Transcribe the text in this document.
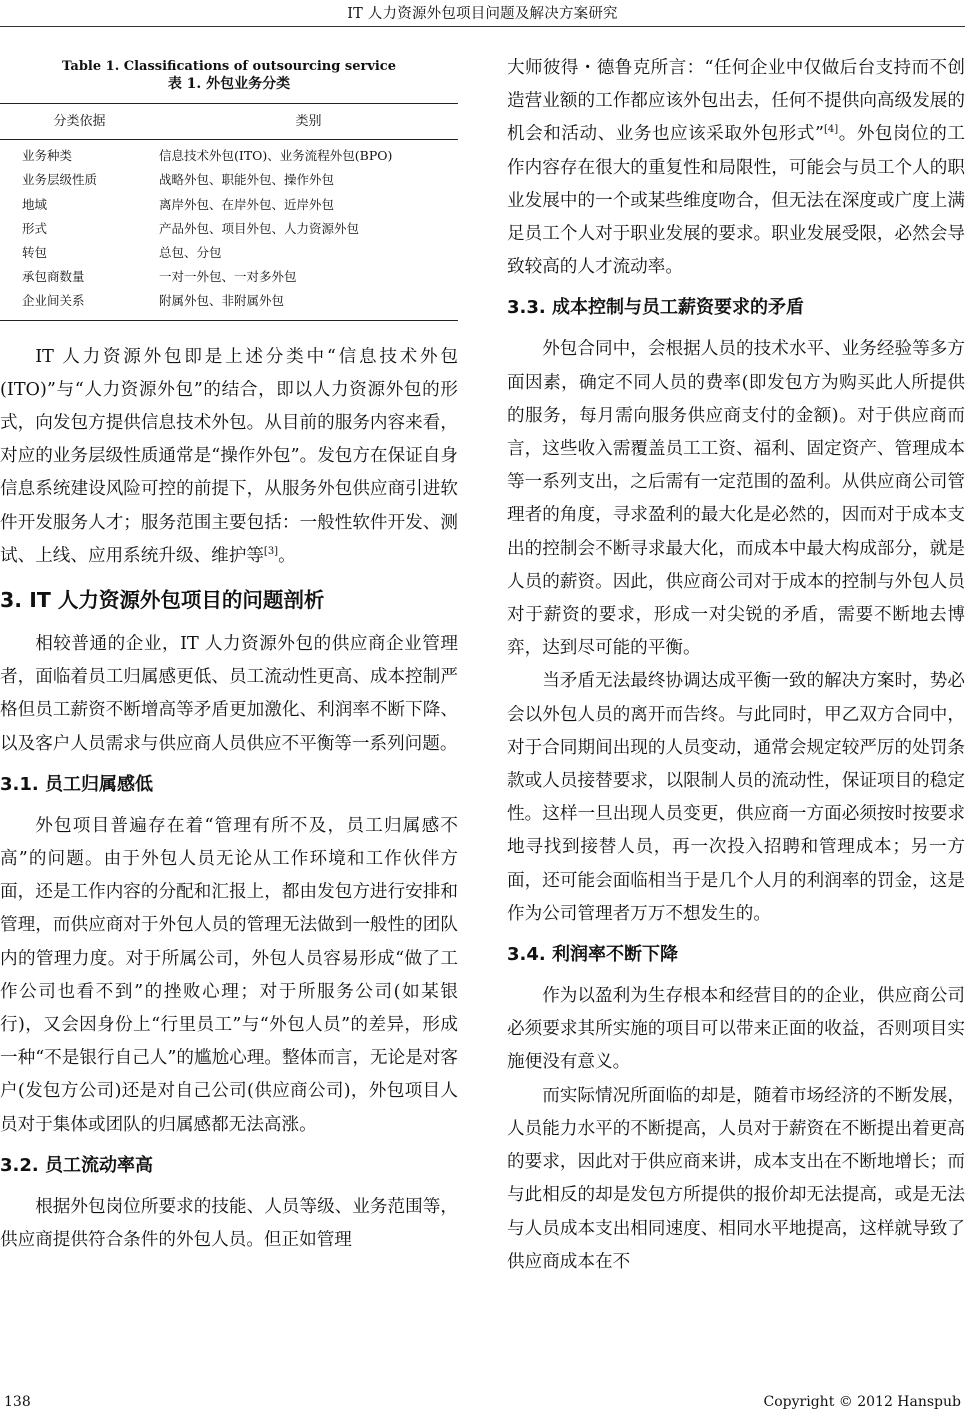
IT 人力资源外包项目问题及解决方案研究
Table 1. Classifications of outsourcing service
表 1. 外包业务分类
分类依据	类别
业务种类	信息技术外包(ITO)、业务流程外包(BPO)
业务层级性质	战略外包、职能外包、操作外包
地域	离岸外包、在岸外包、近岸外包
形式	产品外包、项目外包、人力资源外包
转包	总包、分包
承包商数量	一对一外包、一对多外包
企业间关系	附属外包、非附属外包

IT 人力资源外包即是上述分类中“信息技术外包(ITO)”与“人力资源外包”的结合，即以人力资源外包的形式，向发包方提供信息技术外包。从目前的服务内容来看，对应的业务层级性质通常是“操作外包”。发包方在保证自身信息系统建设风险可控的前提下，从服务外包供应商引进软件开发服务人才；服务范围主要包括：一般性软件开发、测试、上线、应用系统升级、维护等[3]。

3. IT 人力资源外包项目的问题剖析

相较普通的企业，IT 人力资源外包的供应商企业管理者，面临着员工归属感更低、员工流动性更高、成本控制严格但员工薪资不断增高等矛盾更加激化、利润率不断下降、以及客户人员需求与供应商人员供应不平衡等一系列问题。

3.1. 员工归属感低

外包项目普遍存在着“管理有所不及，员工归属感不高”的问题。由于外包人员无论从工作环境和工作伙伴方面，还是工作内容的分配和汇报上，都由发包方进行安排和管理，而供应商对于外包人员的管理无法做到一般性的团队内的管理力度。对于所属公司，外包人员容易形成“做了工作公司也看不到”的挫败心理；对于所服务公司(如某银行)，又会因身份上“行里员工”与“外包人员”的差异，形成一种“不是银行自己人”的尴尬心理。整体而言，无论是对客户(发包方公司)还是对自己公司(供应商公司)，外包项目人员对于集体或团队的归属感都无法高涨。

3.2. 员工流动率高

根据外包岗位所要求的技能、人员等级、业务范围等，供应商提供符合条件的外包人员。但正如管理

大师彼得・德鲁克所言：“任何企业中仅做后台支持而不创造营业额的工作都应该外包出去，任何不提供向高级发展的机会和活动、业务也应该采取外包形式”[4]。外包岗位的工作内容存在很大的重复性和局限性，可能会与员工个人的职业发展中的一个或某些维度吻合，但无法在深度或广度上满足员工个人对于职业发展的要求。职业发展受限，必然会导致较高的人才流动率。

3.3. 成本控制与员工薪资要求的矛盾

外包合同中，会根据人员的技术水平、业务经验等多方面因素，确定不同人员的费率(即发包方为购买此人所提供的服务，每月需向服务供应商支付的金额)。对于供应商而言，这些收入需覆盖员工工资、福利、固定资产、管理成本等一系列支出，之后需有一定范围的盈利。从供应商公司管理者的角度，寻求盈利的最大化是必然的，因而对于成本支出的控制会不断寻求最大化，而成本中最大构成部分，就是人员的薪资。因此，供应商公司对于成本的控制与外包人员对于薪资的要求，形成一对尖锐的矛盾，需要不断地去博弈，达到尽可能的平衡。

当矛盾无法最终协调达成平衡一致的解决方案时，势必会以外包人员的离开而告终。与此同时，甲乙双方合同中，对于合同期间出现的人员变动，通常会规定较严厉的处罚条款或人员接替要求，以限制人员的流动性，保证项目的稳定性。这样一旦出现人员变更，供应商一方面必须按时按要求地寻找到接替人员，再一次投入招聘和管理成本；另一方面，还可能会面临相当于是几个人月的利润率的罚金，这是作为公司管理者万万不想发生的。

3.4. 利润率不断下降

作为以盈利为生存根本和经营目的的企业，供应商公司必须要求其所实施的项目可以带来正面的收益，否则项目实施便没有意义。

而实际情况所面临的却是，随着市场经济的不断发展，人员能力水平的不断提高，人员对于薪资在不断提出着更高的要求，因此对于供应商来讲，成本支出在不断地增长；而与此相反的却是发包方所提供的报价却无法提高，或是无法与人员成本支出相同速度、相同水平地提高，这样就导致了供应商成本在不

138	Copyright © 2012 Hanspub
